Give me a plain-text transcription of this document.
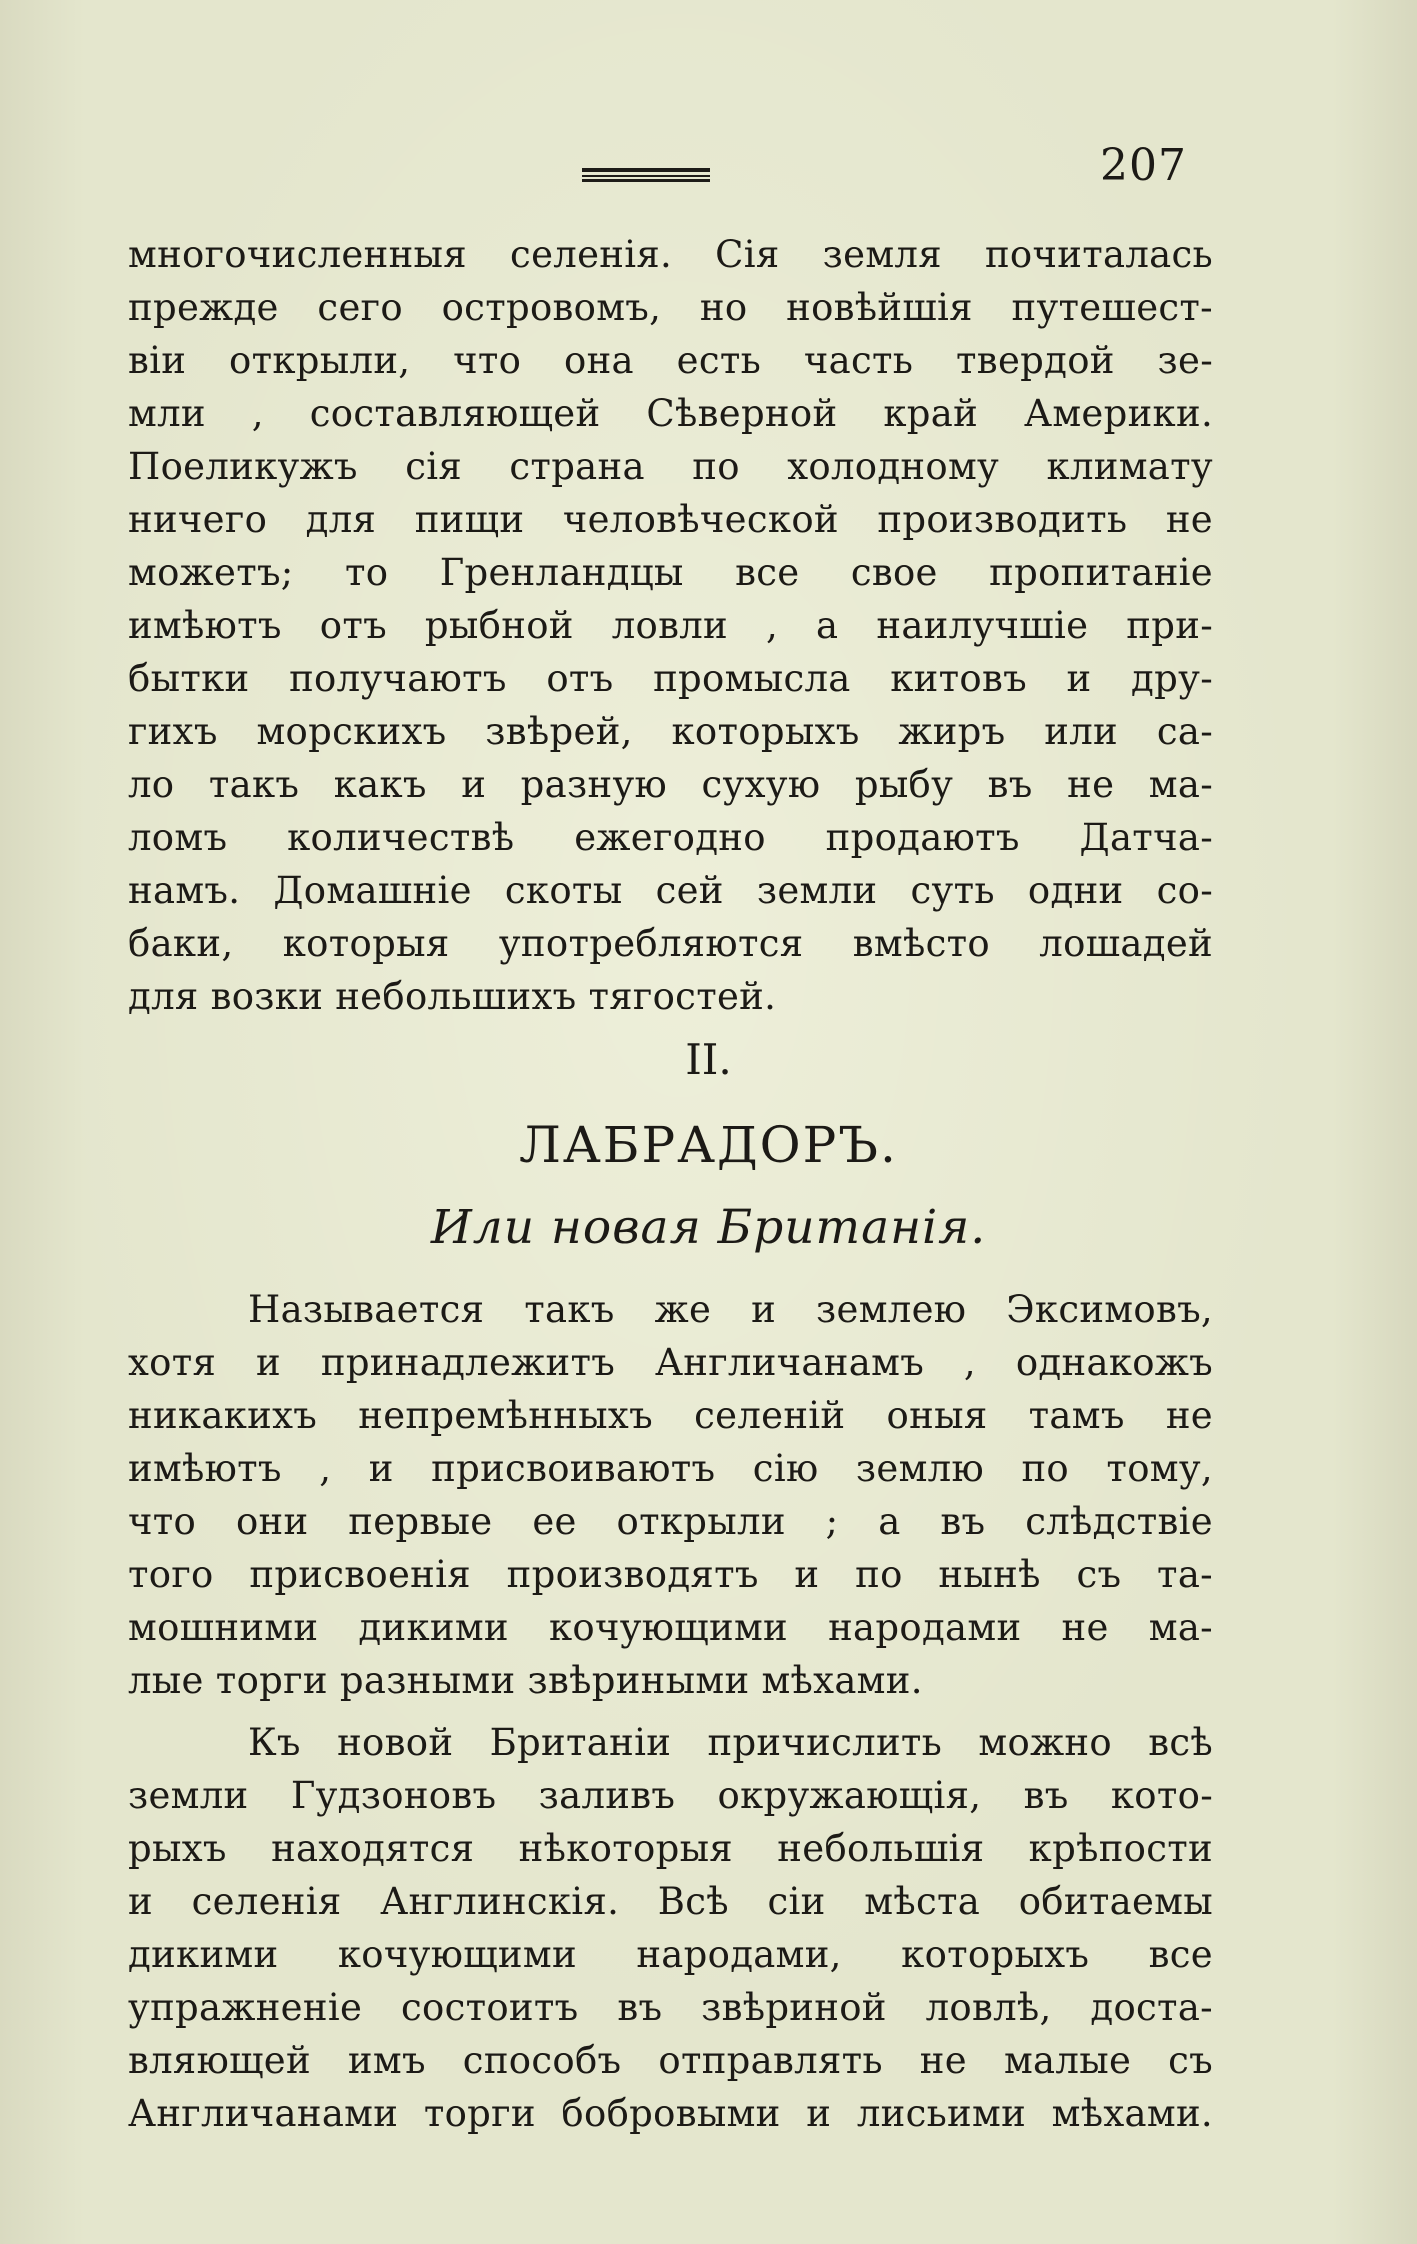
207
многочисленныя селенія. Сія земля почиталась
прежде сего островомъ, но новѣйшія путешест-
віи открыли, что она есть часть твердой зе-
мли , составляющей Сѣверной край Америки.
Поеликужъ сія страна по холодному климату
ничего для пищи человѣческой производить не
можетъ; то Гренландцы все свое пропитаніе
имѣютъ отъ рыбной ловли , а наилучшіе при-
бытки получаютъ отъ промысла китовъ и дру-
гихъ морскихъ звѣрей, которыхъ жиръ или са-
ло такъ какъ и разную сухую рыбу въ не ма-
ломъ количествѣ ежегодно продаютъ Датча-
намъ. Домашніе скоты сей земли суть одни со-
баки, которыя употребляются вмѣсто лошадей
для возки небольшихъ тягостей.
II.
ЛАБРАДОРЪ.
Или новая Британія.
Называется такъ же и землею Эксимовъ,
хотя и принадлежитъ Англичанамъ , однакожъ
никакихъ непремѣнныхъ селеній оныя тамъ не
имѣютъ , и присвоиваютъ сію землю по тому,
что они первые ее открыли ; а въ слѣдствіе
того присвоенія производятъ и по нынѣ съ та-
мошними дикими кочующими народами не ма-
лые торги разными звѣриными мѣхами.
Къ новой Британіи причислить можно всѣ
земли Гудзоновъ заливъ окружающія, въ кото-
рыхъ находятся нѣкоторыя небольшія крѣпости
и селенія Англинскія. Всѣ сіи мѣста обитаемы
дикими кочующими народами, которыхъ все
упражненіе состоитъ въ звѣриной ловлѣ, доста-
вляющей имъ способъ отправлять не малые съ
Англичанами торги бобровыми и лисьими мѣхами.
